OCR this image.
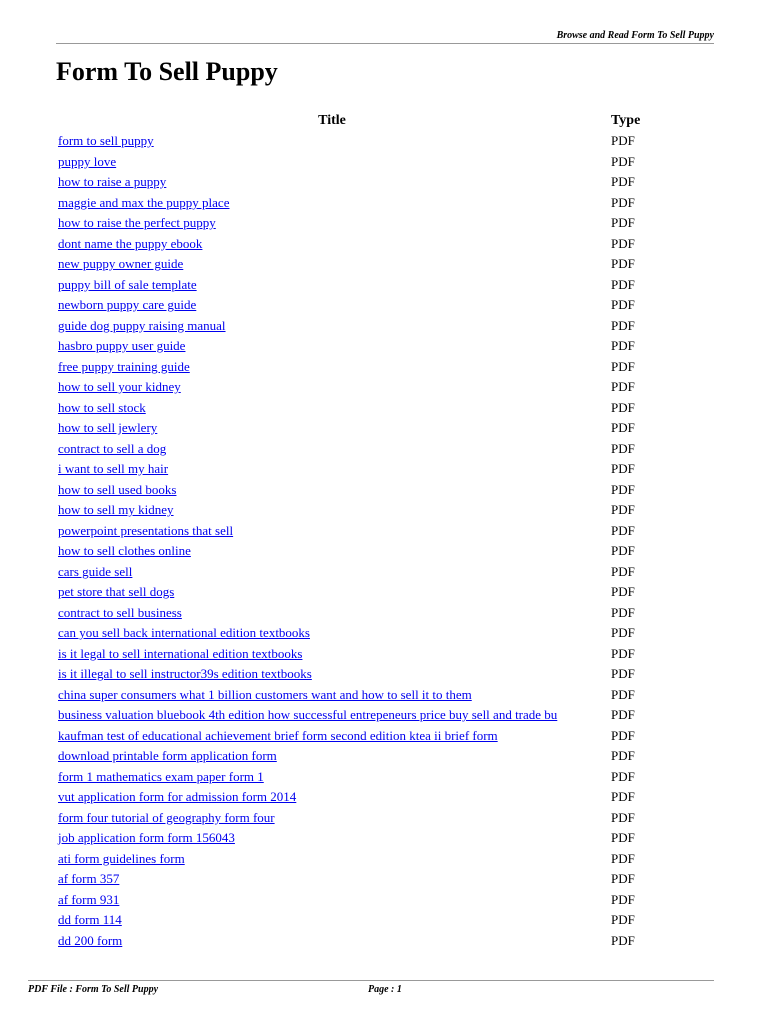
Browse and Read Form To Sell Puppy
Form To Sell Puppy
Title	Type
form to sell puppy	PDF
puppy love	PDF
how to raise a puppy	PDF
maggie and max the puppy place	PDF
how to raise the perfect puppy	PDF
dont name the puppy ebook	PDF
new puppy owner guide	PDF
puppy bill of sale template	PDF
newborn puppy care guide	PDF
guide dog puppy raising manual	PDF
hasbro puppy user guide	PDF
free puppy training guide	PDF
how to sell your kidney	PDF
how to sell stock	PDF
how to sell jewlery	PDF
contract to sell a dog	PDF
i want to sell my hair	PDF
how to sell used books	PDF
how to sell my kidney	PDF
powerpoint presentations that sell	PDF
how to sell clothes online	PDF
cars guide sell	PDF
pet store that sell dogs	PDF
contract to sell business	PDF
can you sell back international edition textbooks	PDF
is it legal to sell international edition textbooks	PDF
is it illegal to sell instructor39s edition textbooks	PDF
china super consumers what 1 billion customers want and how to sell it to them	PDF
business valuation bluebook 4th edition how successful entrepeneurs price buy sell and trade bu	PDF
kaufman test of educational achievement brief form second edition ktea ii brief form	PDF
download printable form application form	PDF
form 1 mathematics exam paper form 1	PDF
vut application form for admission form 2014	PDF
form four tutorial of geography form four	PDF
job application form form 156043	PDF
ati form guidelines form	PDF
af form 357	PDF
af form 931	PDF
dd form 114	PDF
dd 200 form	PDF
PDF File : Form To Sell Puppy	Page : 1
